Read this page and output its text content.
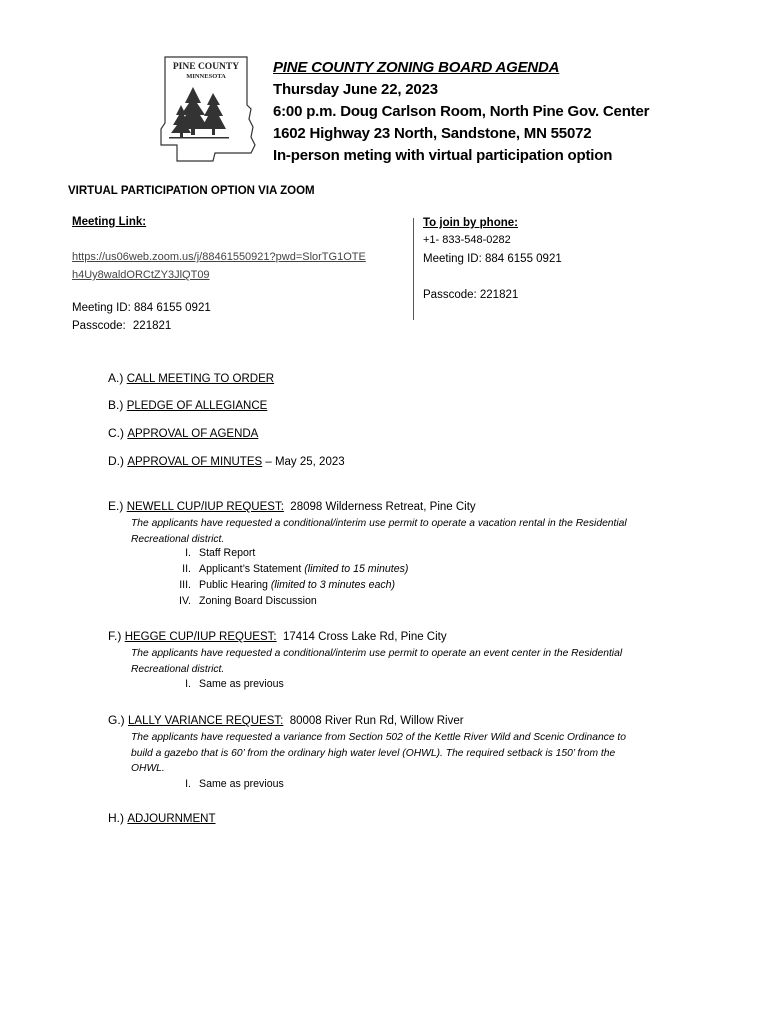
PINE COUNTY
MINNESOTA
PINE COUNTY ZONING BOARD AGENDA
Thursday June 22, 2023
6:00 p.m. Doug Carlson Room, North Pine Gov. Center
1602 Highway 23 North, Sandstone, MN 55072
In-person meting with virtual participation option
VIRTUAL PARTICIPATION OPTION VIA ZOOM
Meeting Link:
https://us06web.zoom.us/j/88461550921?pwd=SlorTG1OTE
h4Uy8waldORCtZY3JlQT09
Meeting ID: 884 6155 0921
Passcode: 221821
To join by phone:
+1- 833-548-0282
Meeting ID: 884 6155 0921
Passcode: 221821
A.) CALL MEETING TO ORDER
B.) PLEDGE OF ALLEGIANCE
C.) APPROVAL OF AGENDA
D.) APPROVAL OF MINUTES – May 25, 2023
E.) NEWELL CUP/IUP REQUEST:  28098 Wilderness Retreat, Pine City
The applicants have requested a conditional/interim use permit to operate a vacation rental in the Residential
Recreational district.
I. Staff Report
II. Applicant’s Statement (limited to 15 minutes)
III. Public Hearing (limited to 3 minutes each)
IV. Zoning Board Discussion
F.) HEGGE CUP/IUP REQUEST:  17414 Cross Lake Rd, Pine City
The applicants have requested a conditional/interim use permit to operate an event center in the Residential
Recreational district.
I. Same as previous
G.) LALLY VARIANCE REQUEST:  80008 River Run Rd, Willow River
The applicants have requested a variance from Section 502 of the Kettle River Wild and Scenic Ordinance to
build a gazebo that is 60’ from the ordinary high water level (OHWL). The required setback is 150’ from the
OHWL.
I. Same as previous
H.) ADJOURNMENT
